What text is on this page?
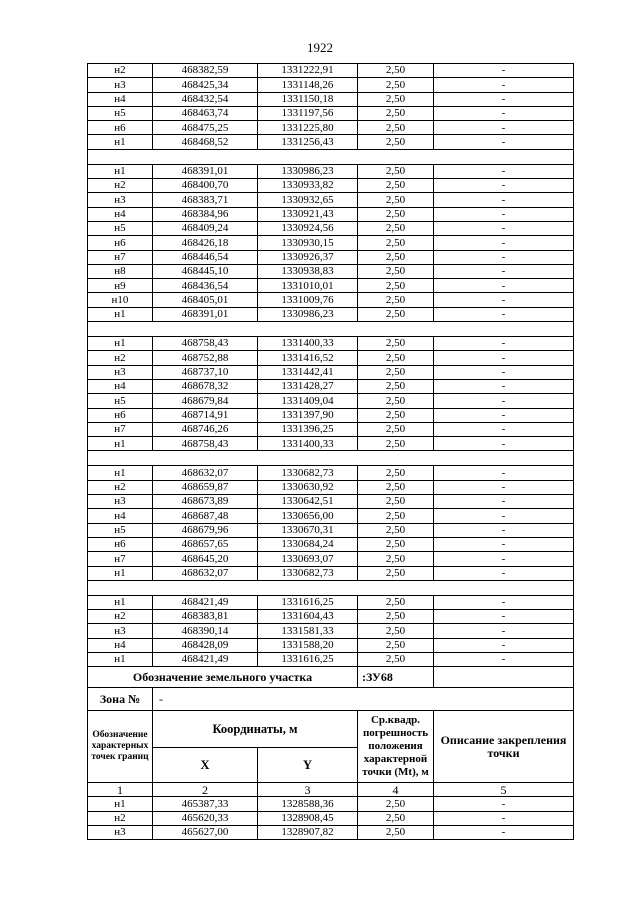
1922
н2	468382,59	1331222,91	2,50	-
н3	468425,34	1331148,26	2,50	-
н4	468432,54	1331150,18	2,50	-
н5	468463,74	1331197,56	2,50	-
н6	468475,25	1331225,80	2,50	-
н1	468468,52	1331256,43	2,50	-

н1	468391,01	1330986,23	2,50	-
н2	468400,70	1330933,82	2,50	-
н3	468383,71	1330932,65	2,50	-
н4	468384,96	1330921,43	2,50	-
н5	468409,24	1330924,56	2,50	-
н6	468426,18	1330930,15	2,50	-
н7	468446,54	1330926,37	2,50	-
н8	468445,10	1330938,83	2,50	-
н9	468436,54	1331010,01	2,50	-
н10	468405,01	1331009,76	2,50	-
н1	468391,01	1330986,23	2,50	-

н1	468758,43	1331400,33	2,50	-
н2	468752,88	1331416,52	2,50	-
н3	468737,10	1331442,41	2,50	-
н4	468678,32	1331428,27	2,50	-
н5	468679,84	1331409,04	2,50	-
н6	468714,91	1331397,90	2,50	-
н7	468746,26	1331396,25	2,50	-
н1	468758,43	1331400,33	2,50	-

н1	468632,07	1330682,73	2,50	-
н2	468659,87	1330630,92	2,50	-
н3	468673,89	1330642,51	2,50	-
н4	468687,48	1330656,00	2,50	-
н5	468679,96	1330670,31	2,50	-
н6	468657,65	1330684,24	2,50	-
н7	468645,20	1330693,07	2,50	-
н1	468632,07	1330682,73	2,50	-

н1	468421,49	1331616,25	2,50	-
н2	468383,81	1331604,43	2,50	-
н3	468390,14	1331581,33	2,50	-
н4	468428,09	1331588,20	2,50	-
н1	468421,49	1331616,25	2,50	-
Обозначение земельного участка			:ЗУ68	
Зона №	-			
Обозначение характерных точек границ	Координаты, м		Ср.квадр. погрешность положения характерной точки (Mt), м	Описание закрепления точки
	X	Y		
1	2	3	4	5
н1	465387,33	1328588,36	2,50	-
н2	465620,33	1328908,45	2,50	-
н3	465627,00	1328907,82	2,50	-
